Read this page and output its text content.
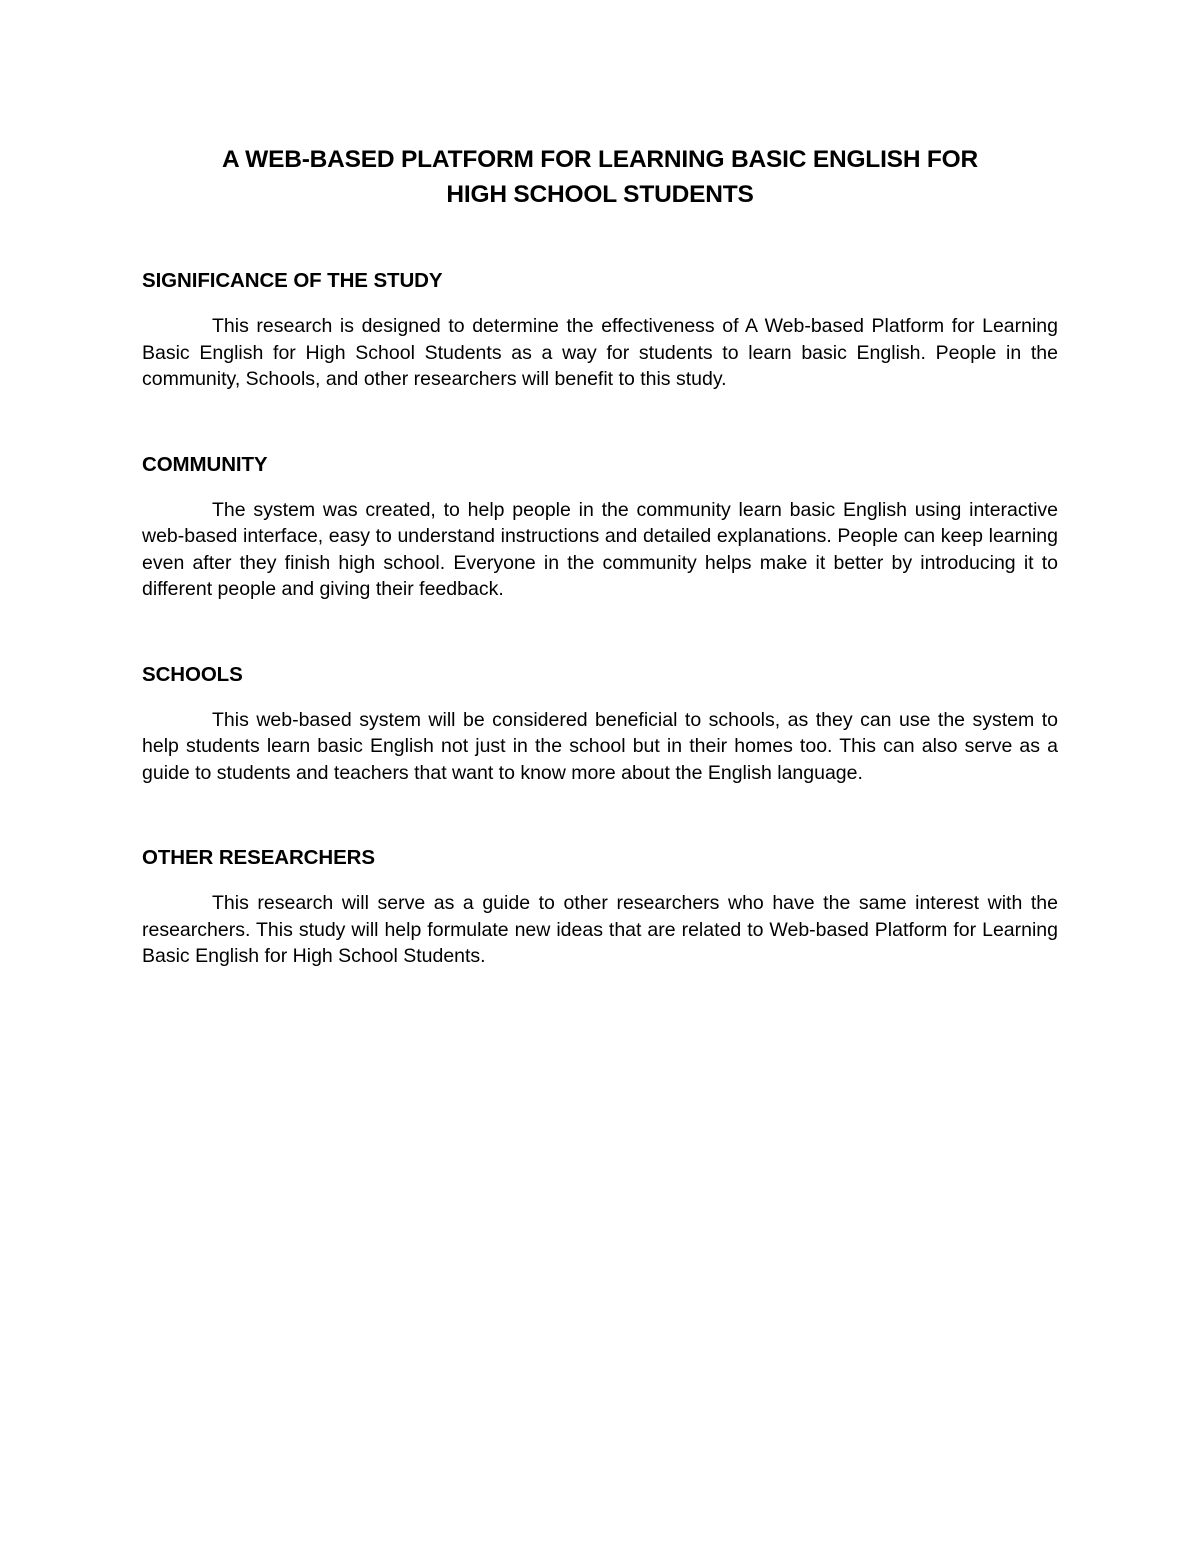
A WEB-BASED PLATFORM FOR LEARNING BASIC ENGLISH FOR
HIGH SCHOOL STUDENTS
SIGNIFICANCE OF THE STUDY

This research is designed to determine the effectiveness of A Web-based Platform for Learning Basic English for High School Students as a way for students to learn basic English. People in the community, Schools, and other researchers will benefit to this study.

COMMUNITY

The system was created, to help people in the community learn basic English using interactive web-based interface, easy to understand instructions and detailed explanations. People can keep learning even after they finish high school. Everyone in the community helps make it better by introducing it to different people and giving their feedback.

SCHOOLS

This web-based system will be considered beneficial to schools, as they can use the system to help students learn basic English not just in the school but in their homes too. This can also serve as a guide to students and teachers that want to know more about the English language.

OTHER RESEARCHERS

This research will serve as a guide to other researchers who have the same interest with the researchers. This study will help formulate new ideas that are related to Web-based Platform for Learning Basic English for High School Students.
